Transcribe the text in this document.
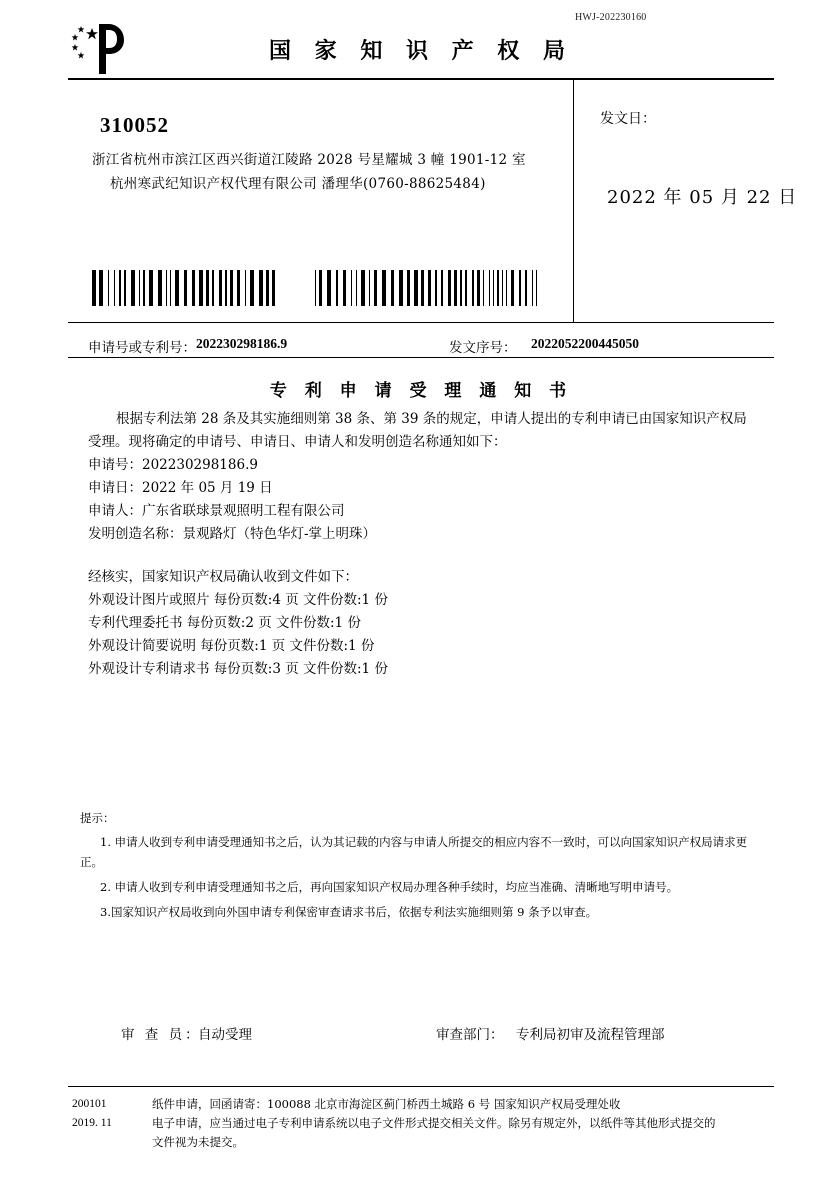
HWJ-202230160
国 家 知 识 产 权 局
310052
浙江省杭州市滨江区西兴街道江陵路 2028 号星耀城 3 幢 1901-12 室
杭州寒武纪知识产权代理有限公司 潘理华(0760-88625484)
发文日：
2022 年 05 月 22 日
申请号或专利号： 202230298186.9	发文序号： 2022052200445050
专 利 申 请 受 理 通 知 书

根据专利法第 28 条及其实施细则第 38 条、第 39 条的规定，申请人提出的专利申请已由国家知识产权局受理。现将确定的申请号、申请日、申请人和发明创造名称通知如下：

申请号：202230298186.9

申请日：2022 年 05 月 19 日

申请人：广东省联球景观照明工程有限公司

发明创造名称：景观路灯（特色华灯-掌上明珠）

经核实，国家知识产权局确认收到文件如下：

外观设计图片或照片 每份页数:4 页 文件份数:1 份

专利代理委托书 每份页数:2 页 文件份数:1 份

外观设计简要说明 每份页数:1 页 文件份数:1 份

外观设计专利请求书 每份页数:3 页 文件份数:1 份

提示：

1. 申请人收到专利申请受理通知书之后，认为其记载的内容与申请人所提交的相应内容不一致时，可以向国家知识产权局请求更正。

2. 申请人收到专利申请受理通知书之后，再向国家知识产权局办理各种手续时，均应当准确、清晰地写明申请号。

3.国家知识产权局收到向外国申请专利保密审查请求书后，依据专利法实施细则第 9 条予以审查。

审 查 员：
自动受理	审查部门： 专利局初审及流程管理部
200101
2019. 11
纸件申请，回函请寄：100088 北京市海淀区蓟门桥西土城路 6 号 国家知识产权局受理处收
电子申请，应当通过电子专利申请系统以电子文件形式提交相关文件。除另有规定外，以纸件等其他形式提交的
文件视为未提交。
